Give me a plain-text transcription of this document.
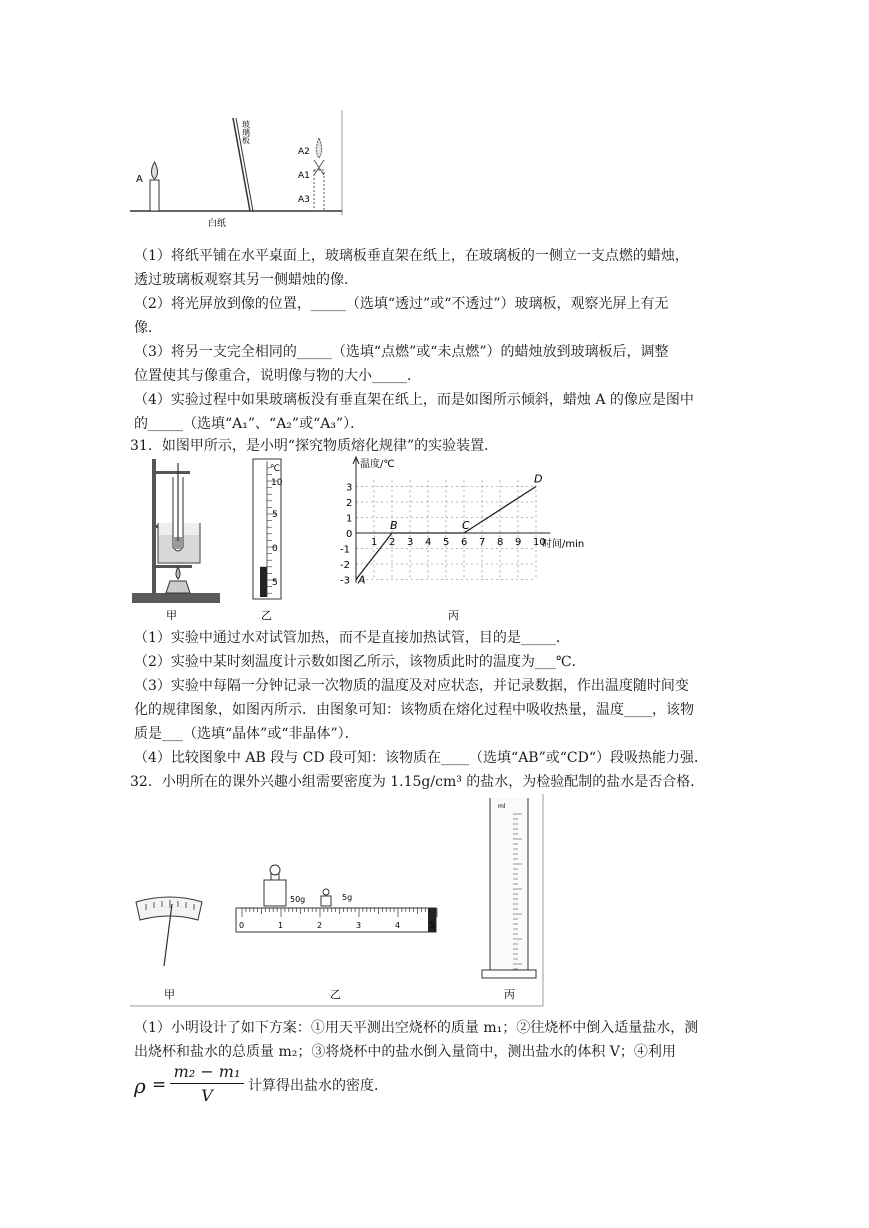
A
玻璃板
A2
A1
A3
白纸
（1）将纸平铺在水平桌面上，玻璃板垂直架在纸上，在玻璃板的一侧立一支点燃的蜡烛，
透过玻璃板观察其另一侧蜡烛的像．
（2）将光屏放到像的位置，_____（选填“透过”或“不透过”）玻璃板，观察光屏上有无
像．
（3）将另一支完全相同的_____（选填“点燃”或“未点燃”）的蜡烛放到玻璃板后，调整
位置使其与像重合，说明像与物的大小_____．
（4）实验过程中如果玻璃板没有垂直架在纸上，而是如图所示倾斜，蜡烛 A 的像应是图中
的_____（选填“A₁”、“A₂”或“A₃”）．
31．如图甲所示，是小明“探究物质熔化规律”的实验装置．
甲
℃
10
5
0
5
乙
1 2 3 4 5 6 7 8 9 10
3
2
1
0
-1
-2
-3 A
B	C
D
温度/℃
时间/min
丙
（1）实验中通过水对试管加热，而不是直接加热试管，目的是_____．
（2）实验中某时刻温度计示数如图乙所示，该物质此时的温度为___℃．
（3）实验中每隔一分钟记录一次物质的温度及对应状态，并记录数据，作出温度随时间变
化的规律图象，如图丙所示．由图象可知：该物质在熔化过程中吸收热量，温度____，该物
质是___（选填“晶体”或“非晶体”）．
（4）比较图象中 AB 段与 CD 段可知：该物质在____（选填“AB”或“CD“）段吸热能力强．
32．小明所在的课外兴趣小组需要密度为 1.15g/cm³ 的盐水，为检验配制的盐水是否合格．
甲
50g	5g
0	1	2	3	4	5
乙
ml
丙
（1）小明设计了如下方案：①用天平测出空烧杯的质量 m₁；②往烧杯中倒入适量盐水，测
出烧杯和盐水的总质量 m₂；③将烧杯中的盐水倒入量筒中，测出盐水的体积 V；④利用
$\rho = \frac{\text{m₂ − m₁}}{V}$ 计算得出盐水的密度．
